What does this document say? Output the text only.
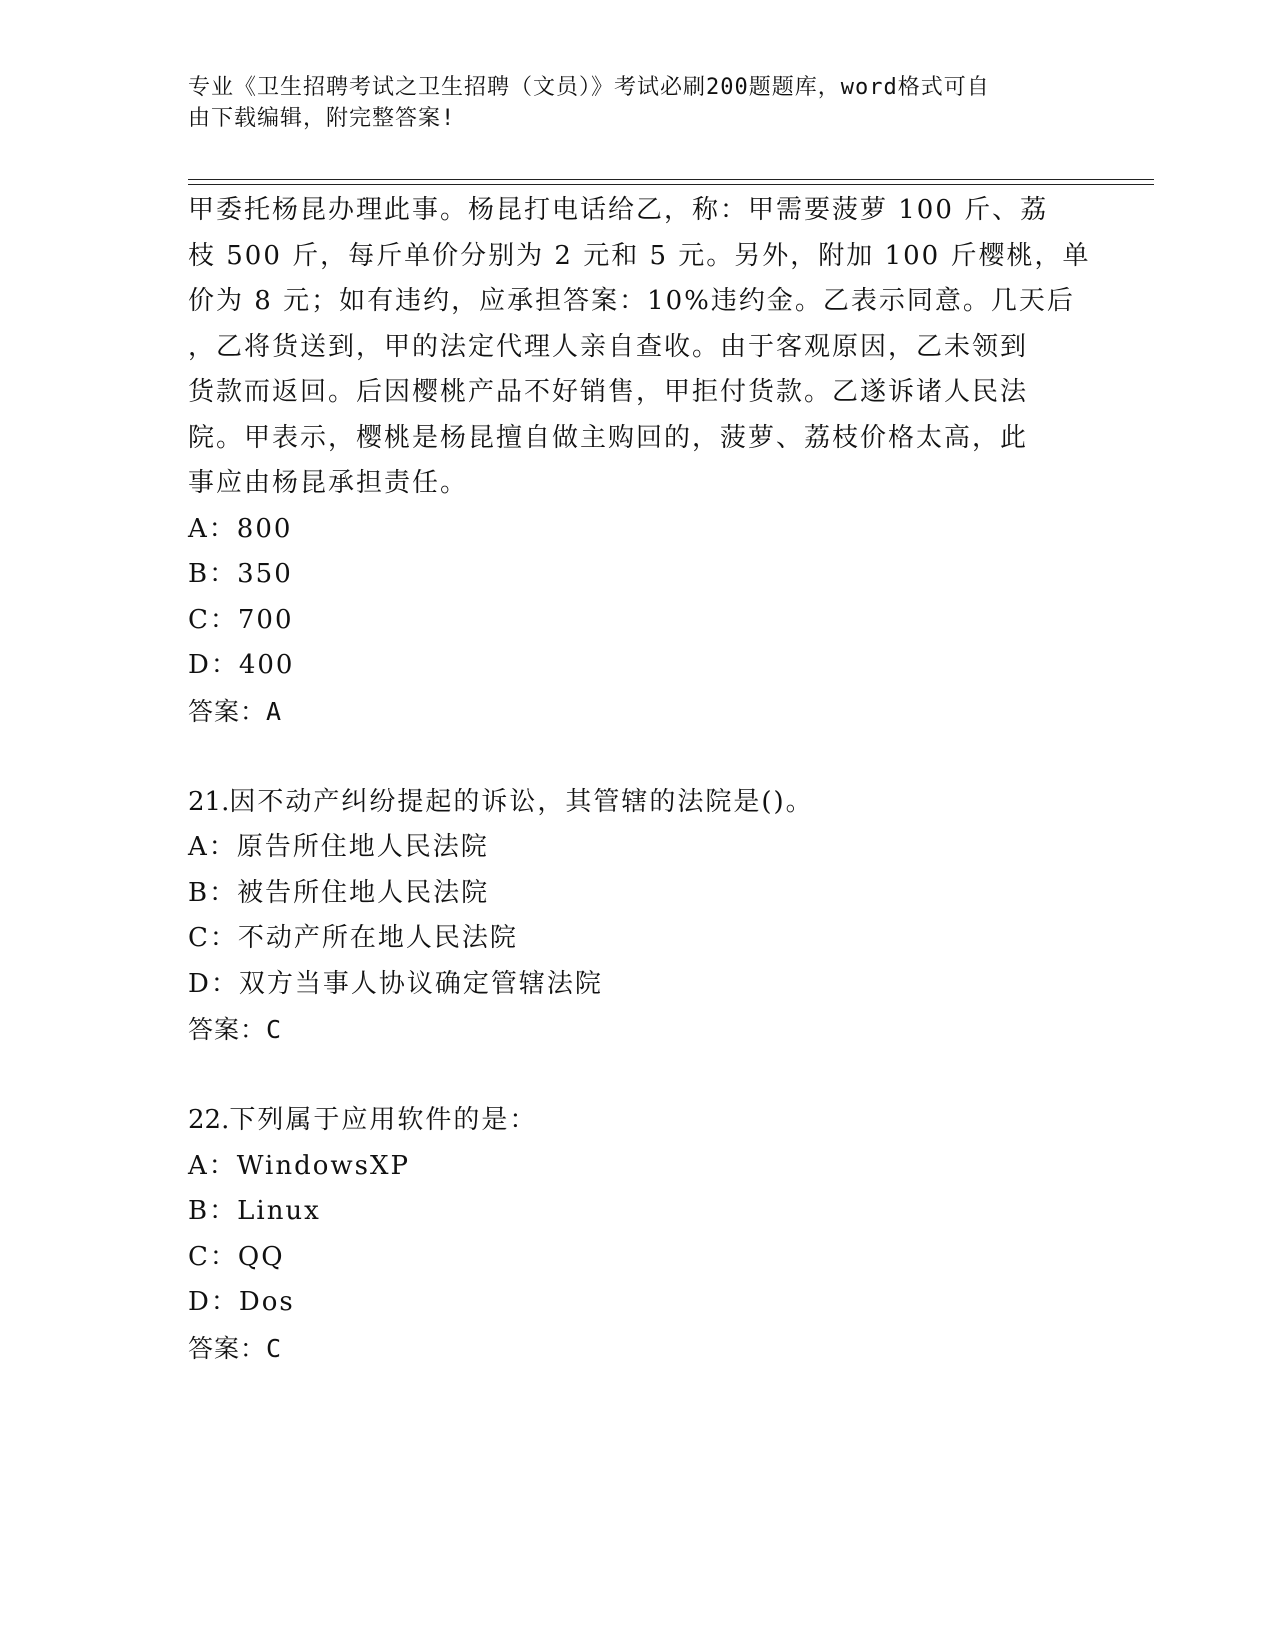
专业《卫生招聘考试之卫生招聘（文员）》考试必刷200题题库，word格式可自
由下载编辑，附完整答案!
甲委托杨昆办理此事。杨昆打电话给乙，称：甲需要菠萝 100 斤、荔
枝 500 斤，每斤单价分别为 2 元和 5 元。另外，附加 100 斤樱桃，单
价为 8 元；如有违约，应承担答案：10%违约金。乙表示同意。几天后
，乙将货送到，甲的法定代理人亲自查收。由于客观原因，乙未领到
货款而返回。后因樱桃产品不好销售，甲拒付货款。乙遂诉诸人民法
院。甲表示，樱桃是杨昆擅自做主购回的，菠萝、荔枝价格太高，此
事应由杨昆承担责任。
A：800
B：350
C：700
D：400
答案：A
21.因不动产纠纷提起的诉讼，其管辖的法院是()。
A：原告所住地人民法院
B：被告所住地人民法院
C：不动产所在地人民法院
D：双方当事人协议确定管辖法院
答案：C
22.下列属于应用软件的是：
A：WindowsXP
B：Linux
C：QQ
D：Dos
答案：C
